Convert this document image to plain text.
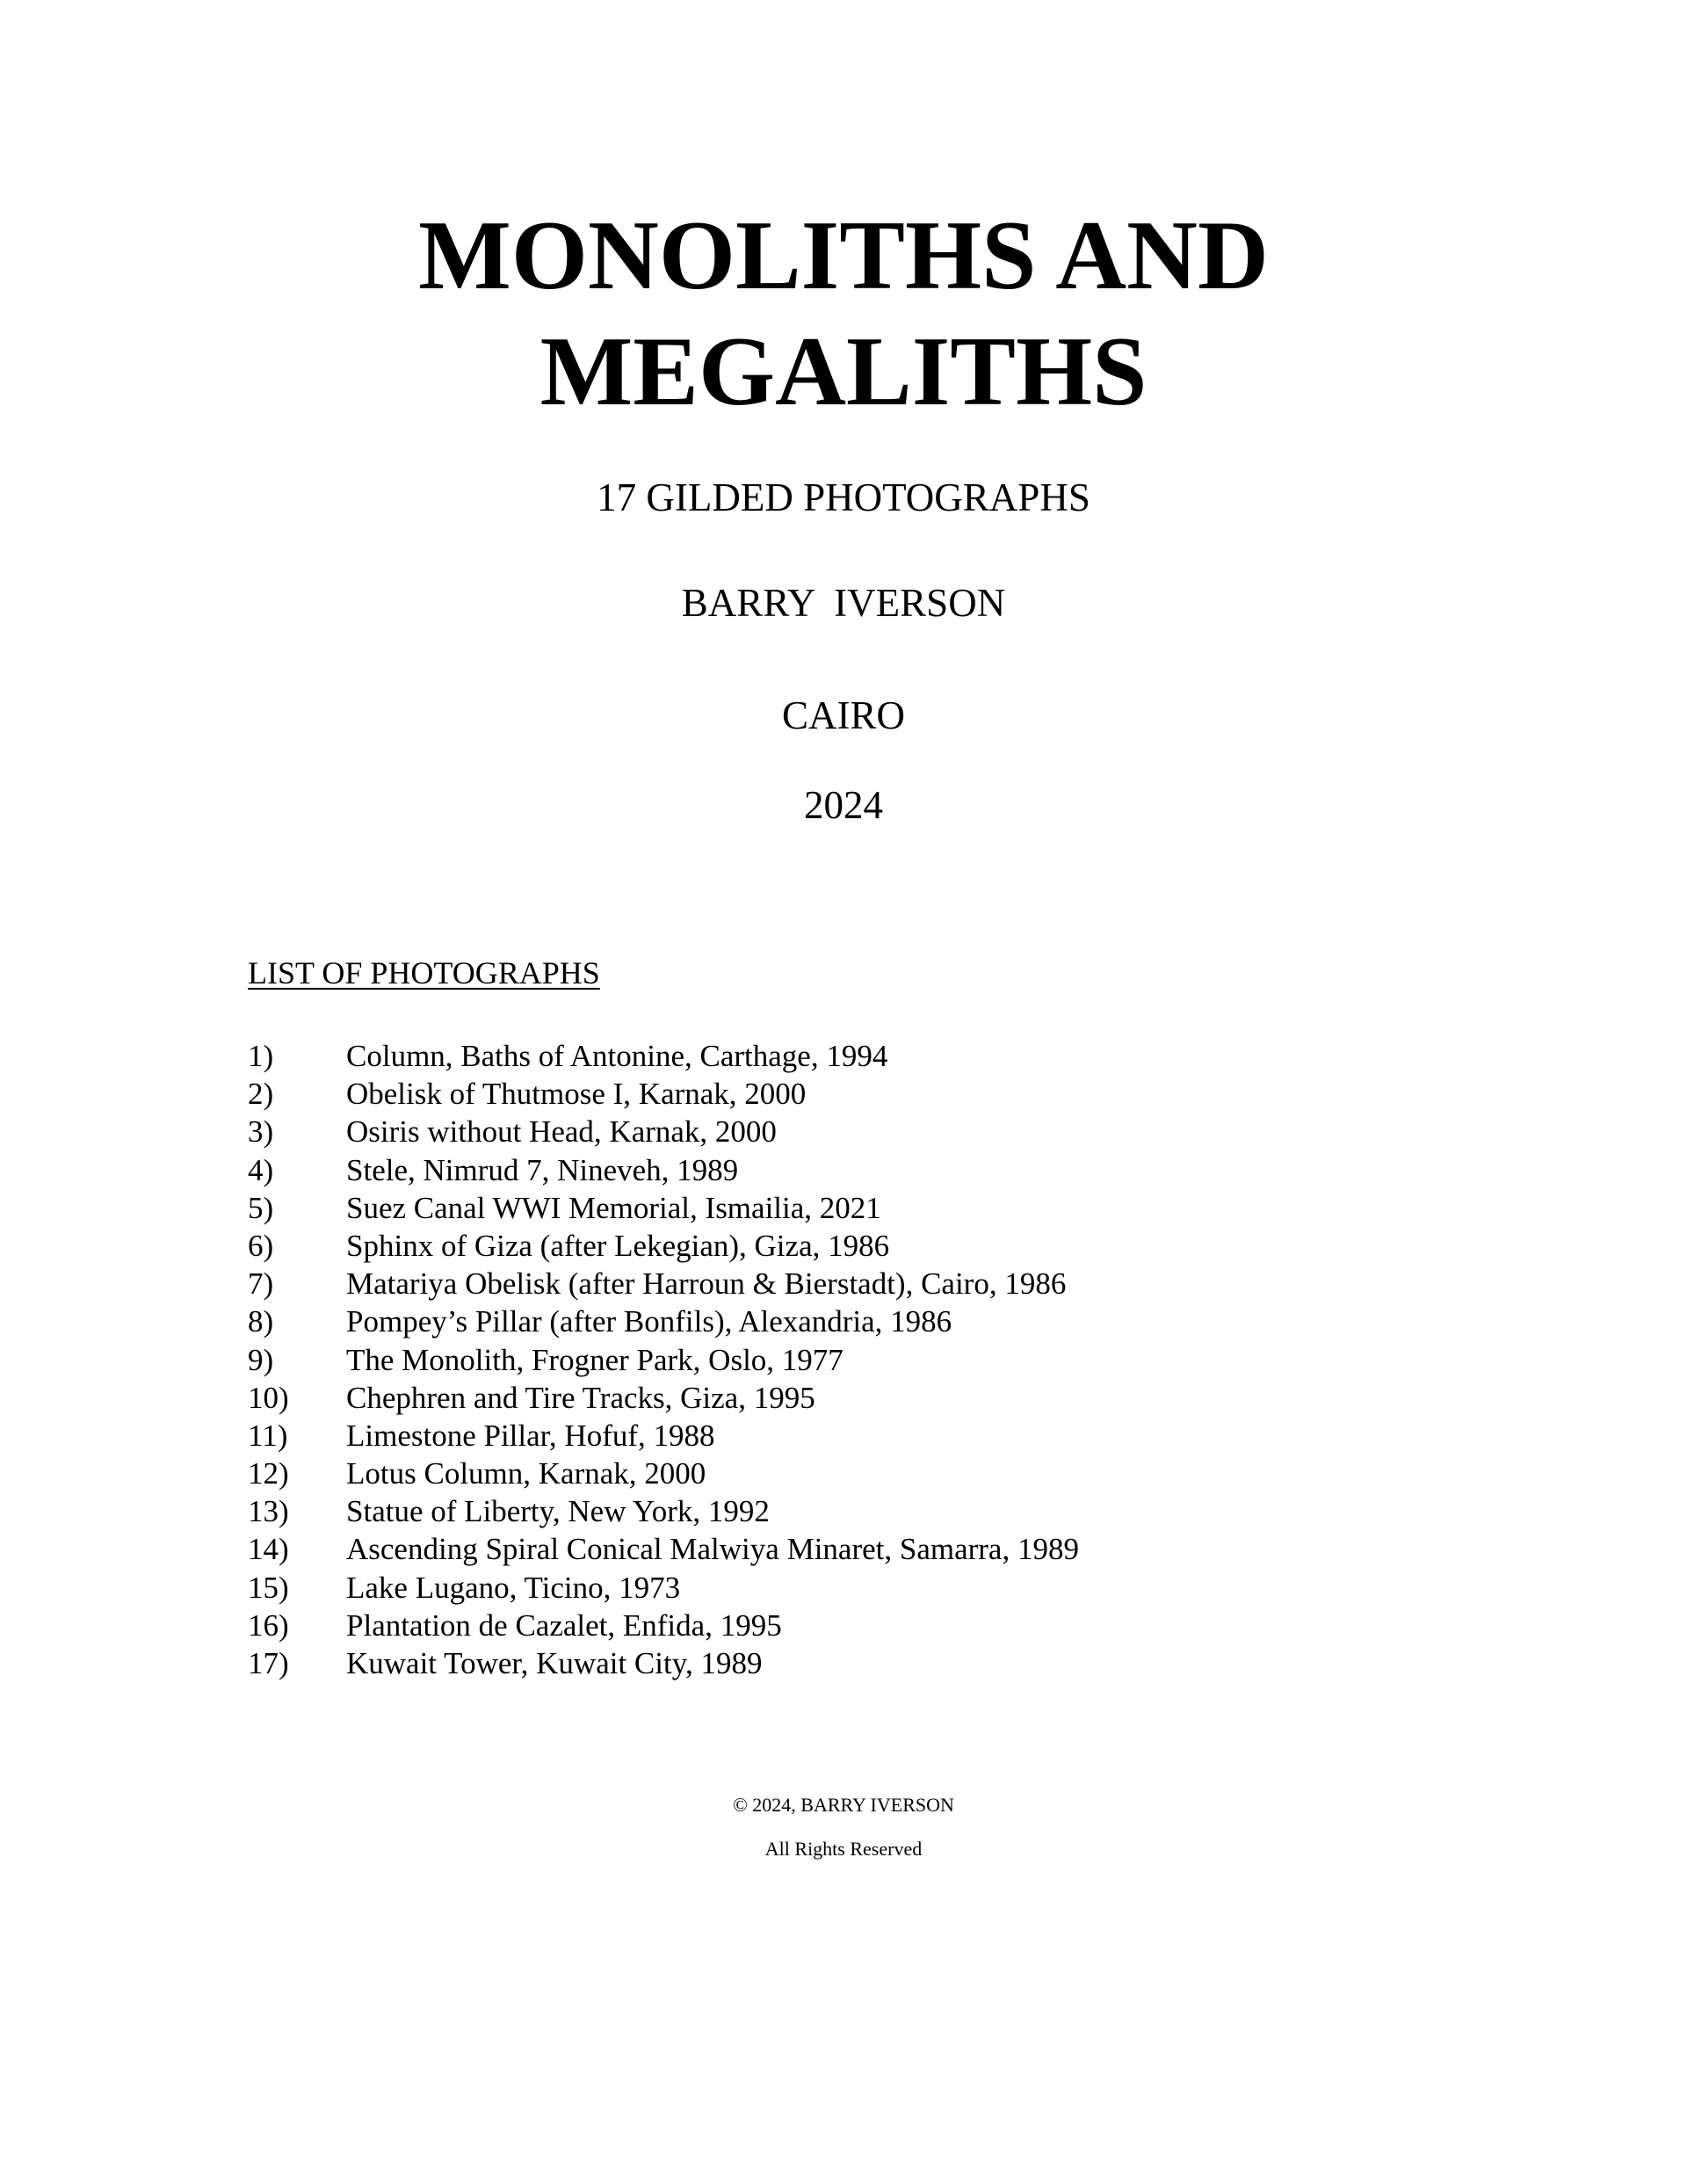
MONOLITHS AND
MEGALITHS

17 GILDED PHOTOGRAPHS

BARRY  IVERSON

CAIRO

2024

LIST OF PHOTOGRAPHS

1)	Column, Baths of Antonine, Carthage, 1994
2)	Obelisk of Thutmose I, Karnak, 2000
3)	Osiris without Head, Karnak, 2000
4)	Stele, Nimrud 7, Nineveh, 1989
5)	Suez Canal WWI Memorial, Ismailia, 2021
6)	Sphinx of Giza (after Lekegian), Giza, 1986
7)	Matariya Obelisk (after Harroun & Bierstadt), Cairo, 1986
8)	Pompey’s Pillar (after Bonfils), Alexandria, 1986
9)	The Monolith, Frogner Park, Oslo, 1977
10)	Chephren and Tire Tracks, Giza, 1995
11)	Limestone Pillar, Hofuf, 1988
12)	Lotus Column, Karnak, 2000
13)	Statue of Liberty, New York, 1992
14)	Ascending Spiral Conical Malwiya Minaret, Samarra, 1989
15)	Lake Lugano, Ticino, 1973
16)	Plantation de Cazalet, Enfida, 1995
17)	Kuwait Tower, Kuwait City, 1989

© 2024, BARRY IVERSON

All Rights Reserved
